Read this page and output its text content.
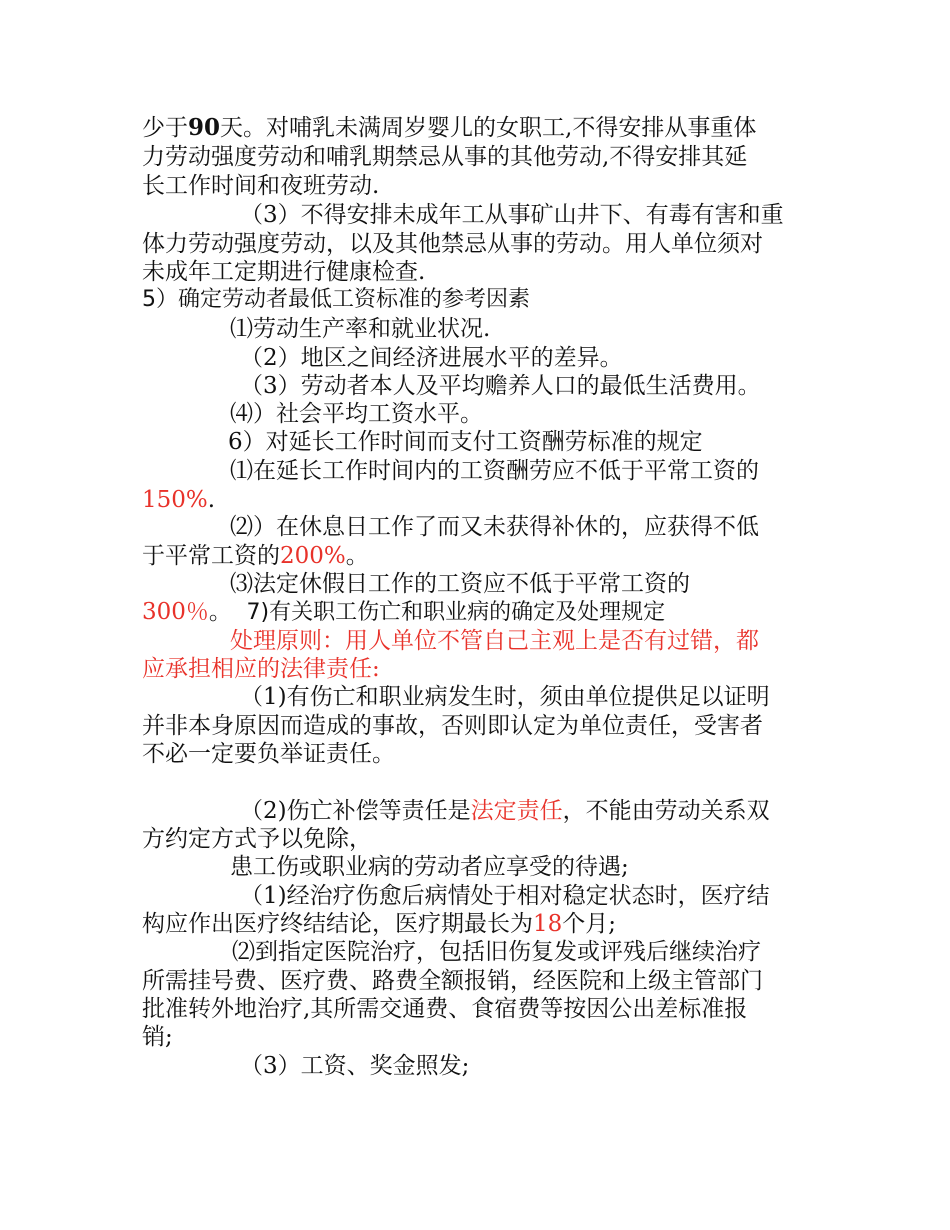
少于90天。对哺乳未满周岁婴儿的女职工,不得安排从事重体
力劳动强度劳动和哺乳期禁忌从事的其他劳动,不得安排其延
长工作时间和夜班劳动.
（3）不得安排未成年工从事矿山井下、有毒有害和重
体力劳动强度劳动，以及其他禁忌从事的劳动。用人单位须对
未成年工定期进行健康检查.
5）确定劳动者最低工资标准的参考因素
⑴劳动生产率和就业状况.
（2）地区之间经济进展水平的差异。
（3）劳动者本人及平均赡养人口的最低生活费用。
⑷）社会平均工资水平。
6）对延长工作时间而支付工资酬劳标准的规定
⑴在延长工作时间内的工资酬劳应不低于平常工资的
150%.
⑵）在休息日工作了而又未获得补休的，应获得不低
于平常工资的200%。
⑶法定休假日工作的工资应不低于平常工资的
300％。 7)有关职工伤亡和职业病的确定及处理规定
处理原则：用人单位不管自己主观上是否有过错，都
应承担相应的法律责任:
（1)有伤亡和职业病发生时，须由单位提供足以证明
并非本身原因而造成的事故，否则即认定为单位责任，受害者
不必一定要负举证责任。
（2)伤亡补偿等责任是法定责任，不能由劳动关系双
方约定方式予以免除，
患工伤或职业病的劳动者应享受的待遇;
（1)经治疗伤愈后病情处于相对稳定状态时，医疗结
构应作出医疗终结结论，医疗期最长为18个月;
⑵到指定医院治疗，包括旧伤复发或评残后继续治疗
所需挂号费、医疗费、路费全额报销，经医院和上级主管部门
批准转外地治疗,其所需交通费、食宿费等按因公出差标准报
销;
（3）工资、奖金照发;
